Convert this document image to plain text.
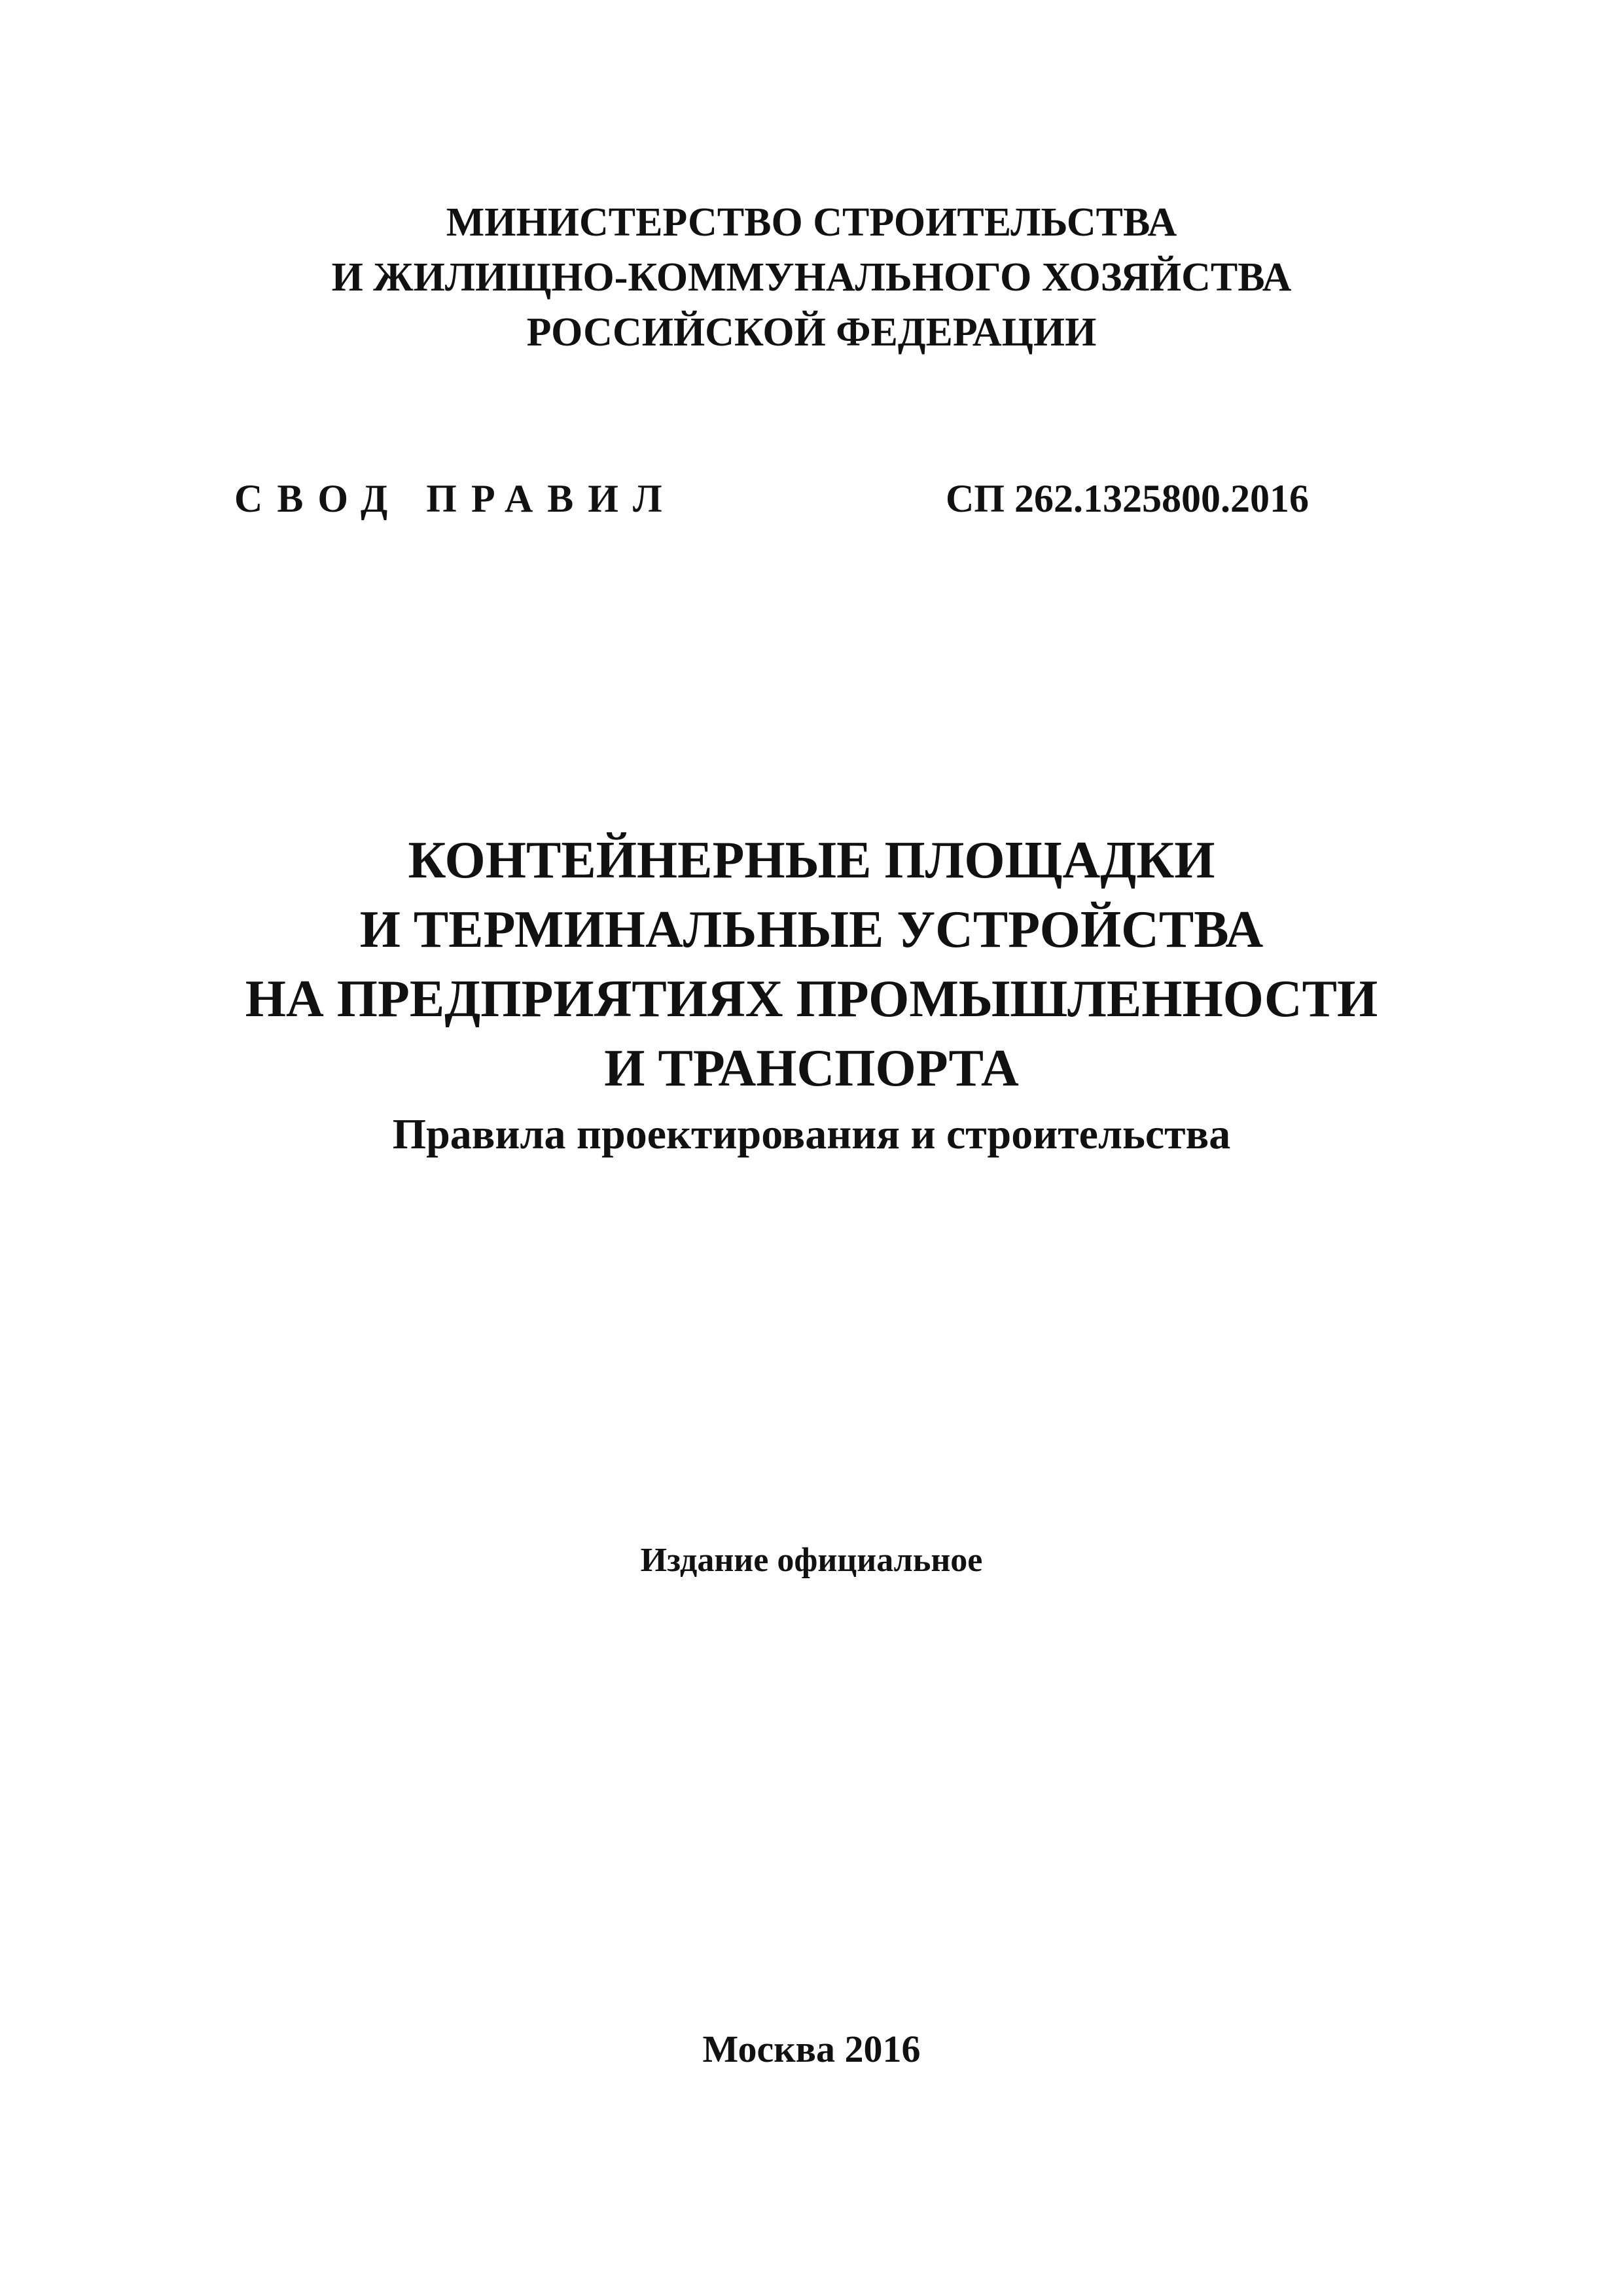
МИНИСТЕРСТВО СТРОИТЕЛЬСТВА
И ЖИЛИЩНО-КОММУНАЛЬНОГО ХОЗЯЙСТВА
РОССИЙСКОЙ ФЕДЕРАЦИИ
СВОД ПРАВИЛ	СП 262.1325800.2016
КОНТЕЙНЕРНЫЕ ПЛОЩАДКИ
И ТЕРМИНАЛЬНЫЕ УСТРОЙСТВА
НА ПРЕДПРИЯТИЯХ ПРОМЫШЛЕННОСТИ
И ТРАНСПОРТА
Правила проектирования и строительства
Издание официальное
Москва 2016
